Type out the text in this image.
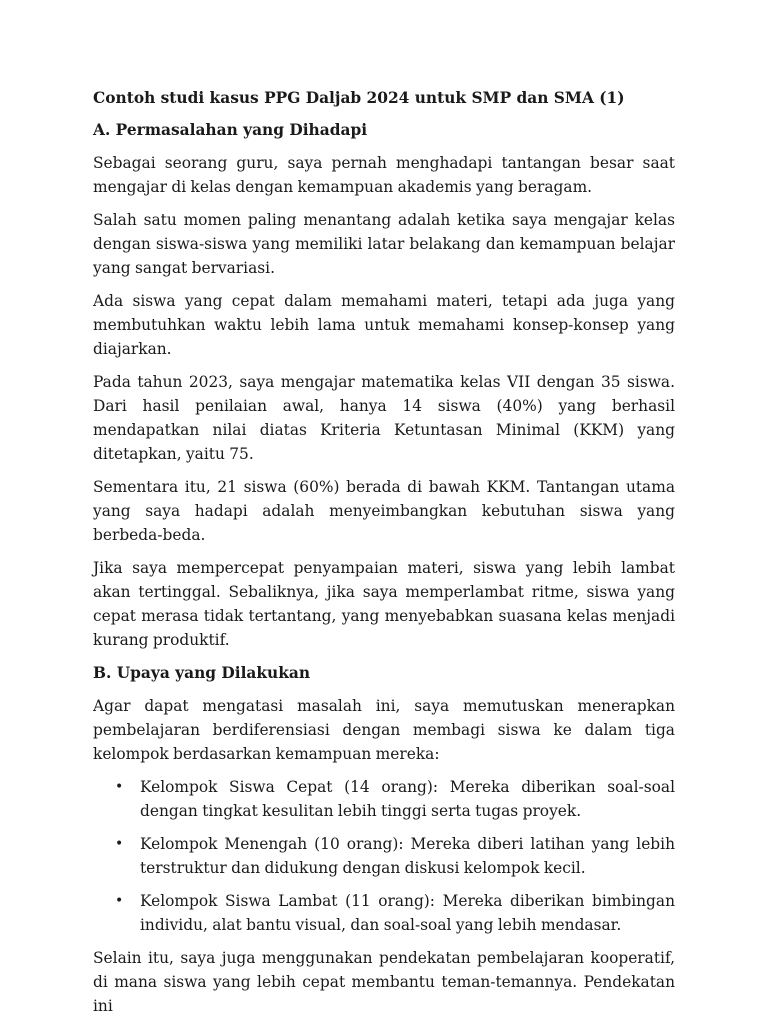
Contoh studi kasus PPG Daljab 2024 untuk SMP dan SMA (1)

A. Permasalahan yang Dihadapi

Sebagai seorang guru, saya pernah menghadapi tantangan besar saat mengajar di kelas dengan kemampuan akademis yang beragam.

Salah satu momen paling menantang adalah ketika saya mengajar kelas dengan siswa-siswa yang memiliki latar belakang dan kemampuan belajar yang sangat bervariasi.

Ada siswa yang cepat dalam memahami materi, tetapi ada juga yang membutuhkan waktu lebih lama untuk memahami konsep-konsep yang diajarkan.

Pada tahun 2023, saya mengajar matematika kelas VII dengan 35 siswa. Dari hasil penilaian awal, hanya 14 siswa (40%) yang berhasil mendapatkan nilai diatas Kriteria Ketuntasan Minimal (KKM) yang ditetapkan, yaitu 75.

Sementara itu, 21 siswa (60%) berada di bawah KKM. Tantangan utama yang saya hadapi adalah menyeimbangkan kebutuhan siswa yang berbeda-beda.

Jika saya mempercepat penyampaian materi, siswa yang lebih lambat akan tertinggal. Sebaliknya, jika saya memperlambat ritme, siswa yang cepat merasa tidak tertantang, yang menyebabkan suasana kelas menjadi kurang produktif.

B. Upaya yang Dilakukan

Agar dapat mengatasi masalah ini, saya memutuskan menerapkan pembelajaran berdiferensiasi dengan membagi siswa ke dalam tiga kelompok berdasarkan kemampuan mereka:

• Kelompok Siswa Cepat (14 orang): Mereka diberikan soal-soal dengan tingkat kesulitan lebih tinggi serta tugas proyek.
• Kelompok Menengah (10 orang): Mereka diberi latihan yang lebih terstruktur dan didukung dengan diskusi kelompok kecil.
• Kelompok Siswa Lambat (11 orang): Mereka diberikan bimbingan individu, alat bantu visual, dan soal-soal yang lebih mendasar.

Selain itu, saya juga menggunakan pendekatan pembelajaran kooperatif, di mana siswa yang lebih cepat membantu teman-temannya. Pendekatan ini
